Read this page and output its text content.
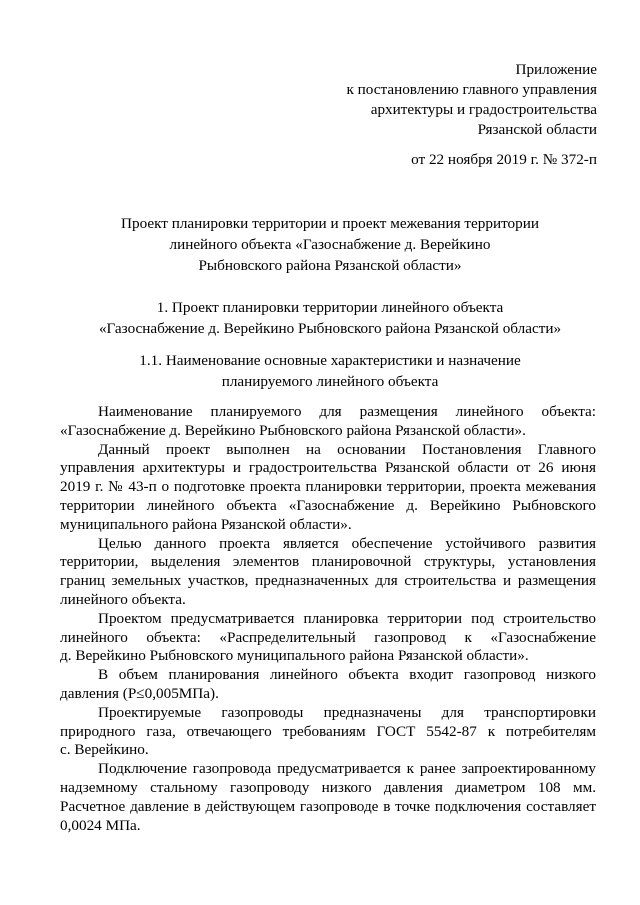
Приложение
к постановлению главного управления
архитектуры и градостроительства
Рязанской области
от 22 ноября 2019 г. № 372-п
Проект планировки территории и проект межевания территории
линейного объекта «Газоснабжение д. Верейкино
Рыбновского района Рязанской области»
1. Проект планировки территории линейного объекта
«Газоснабжение д. Верейкино Рыбновского района Рязанской области»
1.1. Наименование основные характеристики и назначение
планируемого линейного объекта
Наименование планируемого для размещения линейного объекта:
«Газоснабжение д. Верейкино Рыбновского района Рязанской области».
Данный проект выполнен на основании Постановления Главного
управления архитектуры и градостроительства Рязанской области от 26 июня
2019 г. № 43-п о подготовке проекта планировки территории, проекта межевания
территории линейного объекта «Газоснабжение д. Верейкино Рыбновского
муниципального района Рязанской области».
Целью данного проекта является обеспечение устойчивого развития
территории, выделения элементов планировочной структуры, установления
границ земельных участков, предназначенных для строительства и размещения
линейного объекта.
Проектом предусматривается планировка территории под строительство
линейного объекта: «Распределительный газопровод к «Газоснабжение
д. Верейкино Рыбновского муниципального района Рязанской области».
В объем планирования линейного объекта входит газопровод низкого
давления (Р≤0,005МПа).
Проектируемые газопроводы предназначены для транспортировки
природного газа, отвечающего требованиям ГОСТ 5542-87 к потребителям
с. Верейкино.
Подключение газопровода предусматривается к ранее запроектированному
надземному стальному газопроводу низкого давления диаметром 108 мм.
Расчетное давление в действующем газопроводе в точке подключения составляет
0,0024 МПа.
